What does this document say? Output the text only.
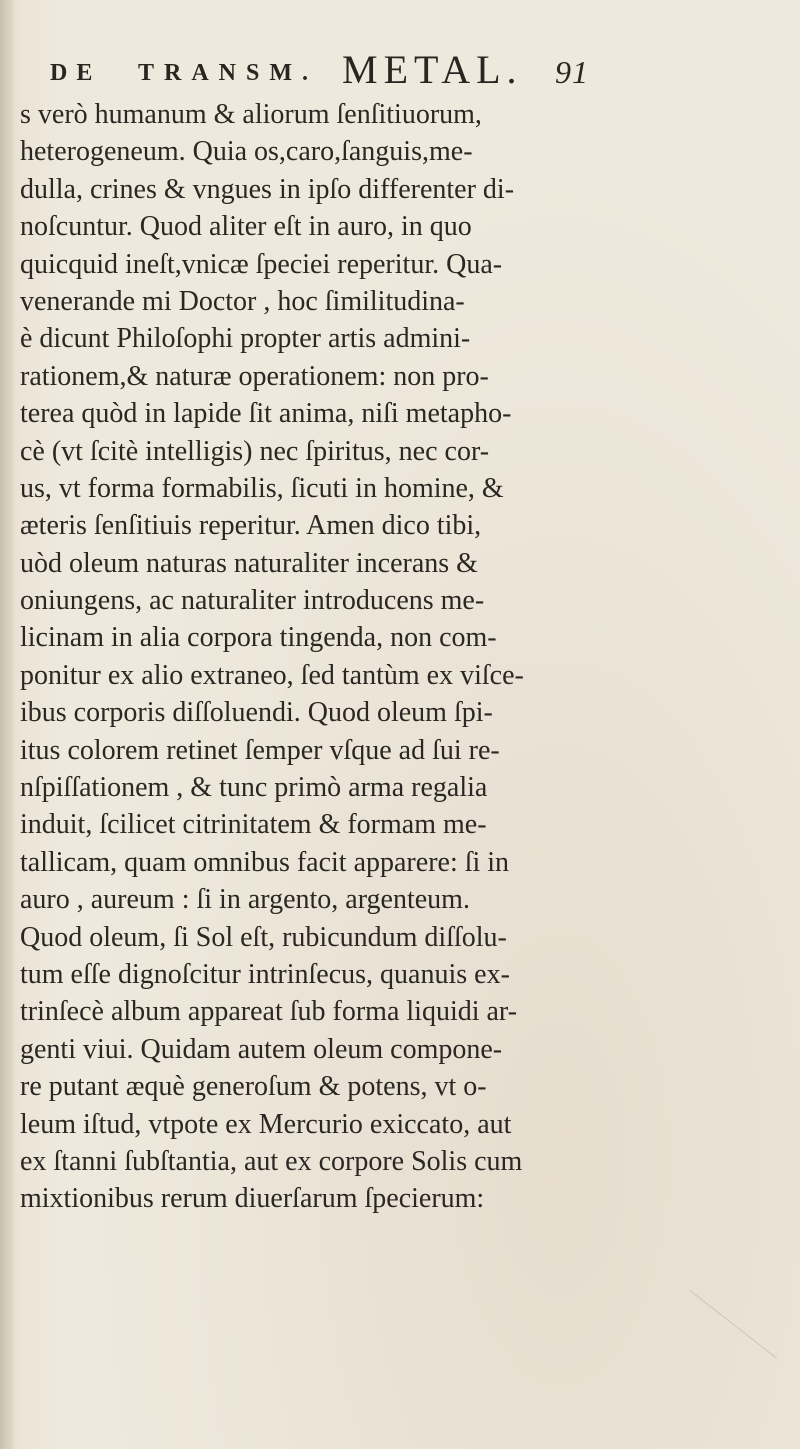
DE TRANSM. METAL. 91
s verò humanum & aliorum ſenſitiuorum,
heterogeneum. Quia os,caro,ſanguis,me-
dulla, crines & vngues in ipſo differenter di-
noſcuntur. Quod aliter eſt in auro, in quo
quicquid ineſt,vnicæ ſpeciei reperitur. Qua-
venerande mi Doctor , hoc ſimilitudina-
è dicunt Philoſophi propter artis admini-
rationem,& naturæ operationem: non pro-
terea quòd in lapide ſit anima, niſi metapho-
cè (vt ſcitè intelligis) nec ſpiritus, nec cor-
us, vt forma formabilis, ſicuti in homine, &
æteris ſenſitiuis reperitur. Amen dico tibi,
uòd oleum naturas naturaliter incerans &
oniungens, ac naturaliter introducens me-
licinam in alia corpora tingenda, non com-
ponitur ex alio extraneo, ſed tantùm ex viſce-
ibus corporis diſſoluendi. Quod oleum ſpi-
itus colorem retinet ſemper vſque ad ſui re-
nſpiſſationem , & tunc primò arma regalia
induit, ſcilicet citrinitatem & formam me-
tallicam, quam omnibus facit apparere: ſi in
auro , aureum : ſi in argento, argenteum.
Quod oleum, ſi Sol eſt, rubicundum diſſolu-
tum eſſe dignoſcitur intrinſecus, quanuis ex-
trinſecè album appareat ſub forma liquidi ar-
genti viui. Quidam autem oleum compone-
re putant æquè generoſum & potens, vt o-
leum iſtud, vtpote ex Mercurio exiccato, aut
ex ſtanni ſubſtantia, aut ex corpore Solis cum
mixtionibus rerum diuerſarum ſpecierum:
